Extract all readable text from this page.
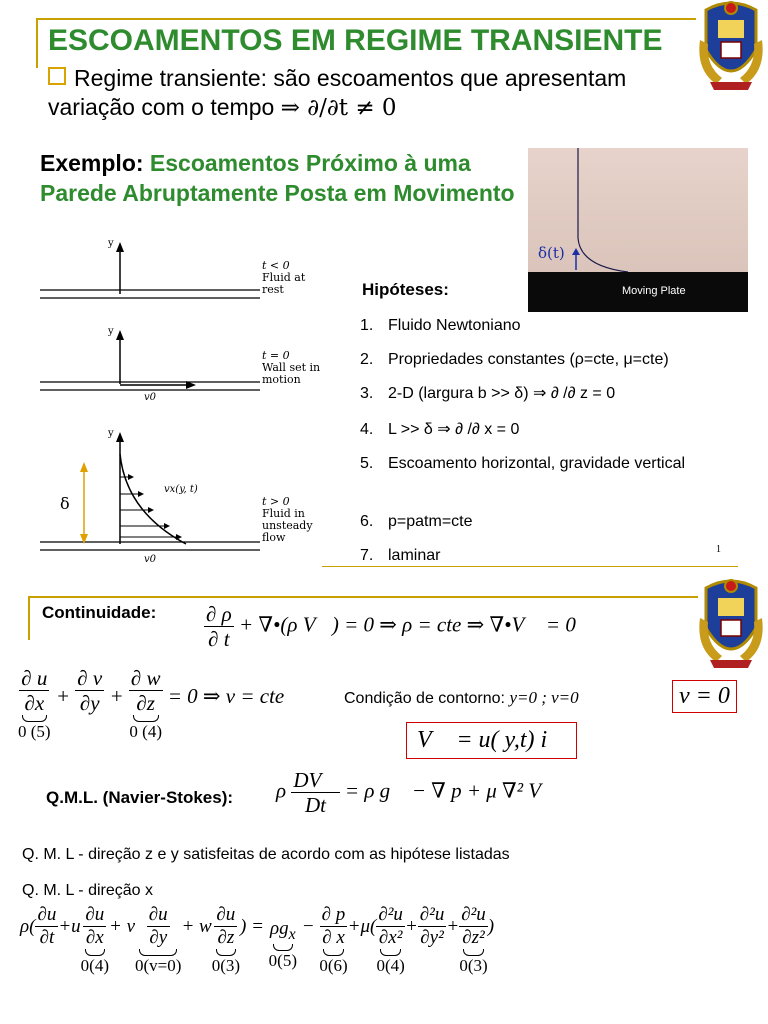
ESCOAMENTOS EM REGIME TRANSIENTE
Regime transiente: são escoamentos que apresentam
variação com o tempo ⇒ ∂/∂t ≠ 0
Exemplo: Escoamentos Próximo à uma Parede Abruptamente Posta em Movimento
δ(t)
Moving Plate
y
t < 0
Fluid at
rest
y
t = 0
Wall set in
motion
v0
y
vx(y, t)
δ	t > 0
Fluid in
unsteady
flow
v0
Hipóteses:
1. Fluido Newtoniano
2. Propriedades constantes (ρ=cte, μ=cte)
3. 2-D (largura b >> δ) ⇒ ∂ /∂ z = 0
4. L >> δ ⇒ ∂ /∂ x = 0
5. Escoamento horizontal, gravidade vertical
6. p=patm=cte
7. laminar	1
Continuidade: $\frac{\partial \rho}{\partial t}$ + ∇•(ρ V⃗) = 0 ⇒ ρ = cte ⇒ ∇•V⃗ = 0
$\frac{\partial u}{\partial x}$
0 (5)
+ $\frac{\partial v}{\partial y} + \frac{\partial w}{\partial z}$
0 (4)
= 0 ⇒ v = cte	Condição de contorno: y=0 ; v=0	v = 0
V⃗ = u( y,t) i⃗
Q.M.L. (Navier-Stokes): ρ $\frac{DV⃗}{Dt} = \rho$ g⃗ − ∇ p + μ ∇² V⃗
Q. M. L - direção z e y satisfeitas de acordo com as hipótese listadas
Q. M. L - direção x
$\rho( \frac{\partial u}{\partial t} +u \frac{\partial u}{\partial x}$
0(4)
+ v $\frac{\partial u}{\partial y}$
0(v=0)
+ w $\frac{\partial u}{\partial z}$
0(3)
) = $\rho g_x$
0(5)
− $\frac{\partial p}{\partial x}$
0(6)
$+\mu( \frac{\text{∂²u}}{\text{∂x²}}$
0(4)
+ $\frac{\text{∂²u}}{\text{∂y²}} + \frac{\text{∂²u}}{\text{∂z²}}$
0(3)
)
